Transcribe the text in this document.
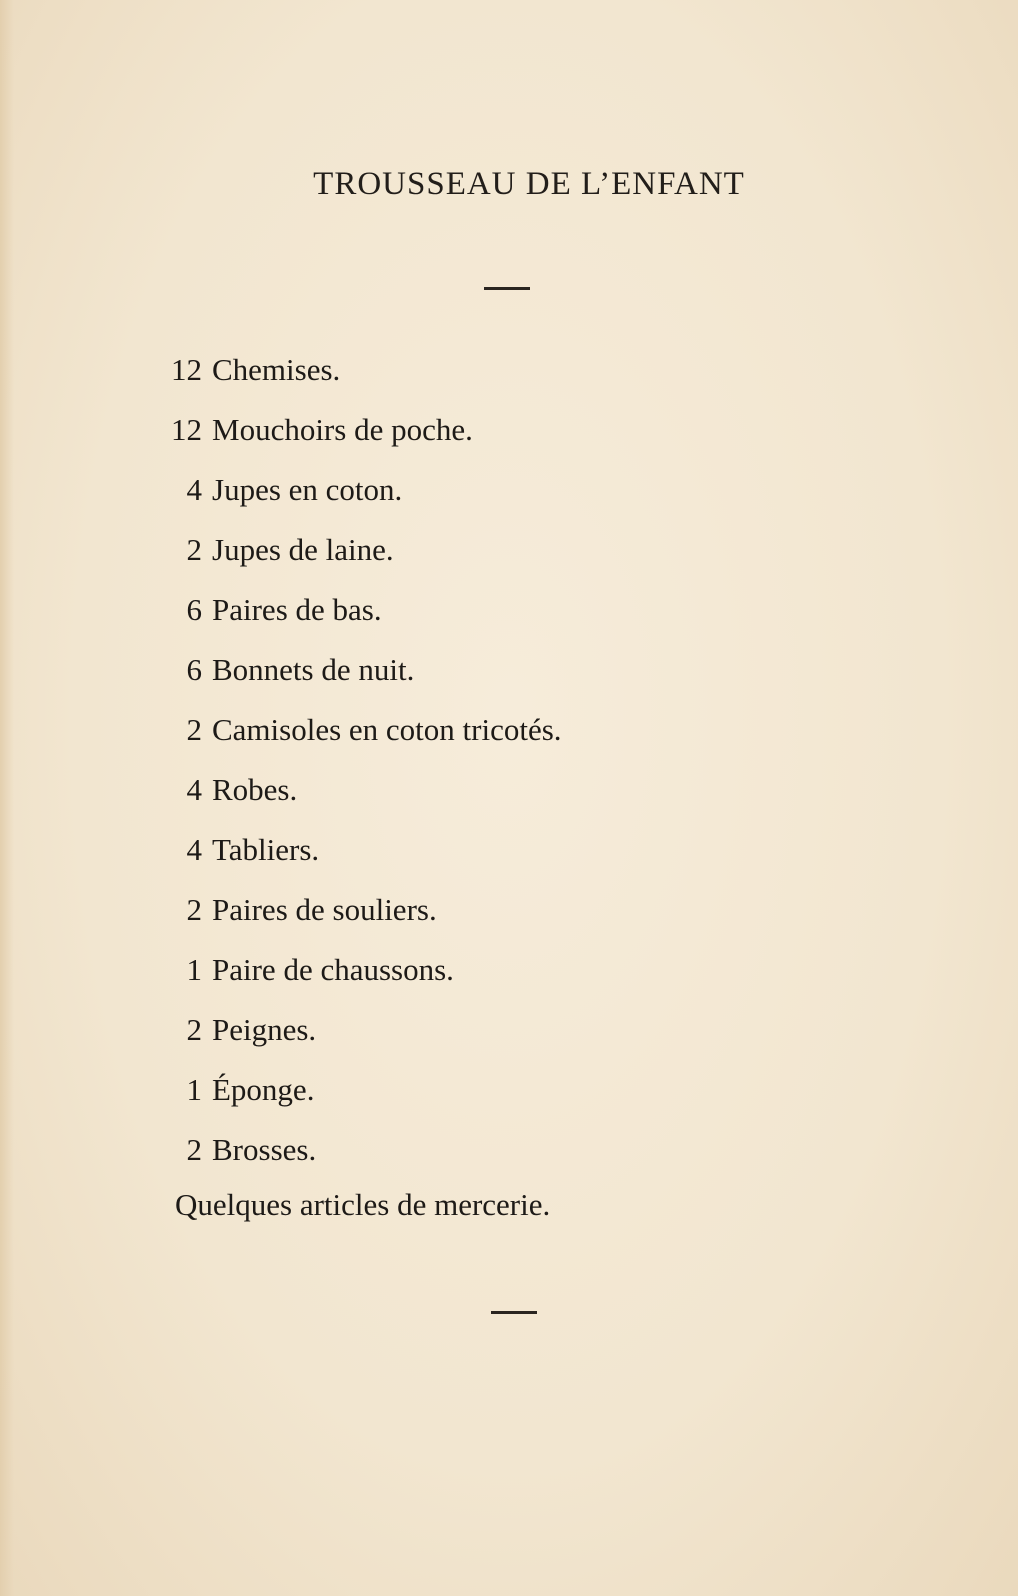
TROUSSEAU DE L’ENFANT
12 Chemises.
12 Mouchoirs de poche.
4 Jupes en coton.
2 Jupes de laine.
6 Paires de bas.
6 Bonnets de nuit.
2 Camisoles en coton tricotés.
4 Robes.
4 Tabliers.
2 Paires de souliers.
1 Paire de chaussons.
2 Peignes.
1 Éponge.
2 Brosses.
Quelques articles de mercerie.
